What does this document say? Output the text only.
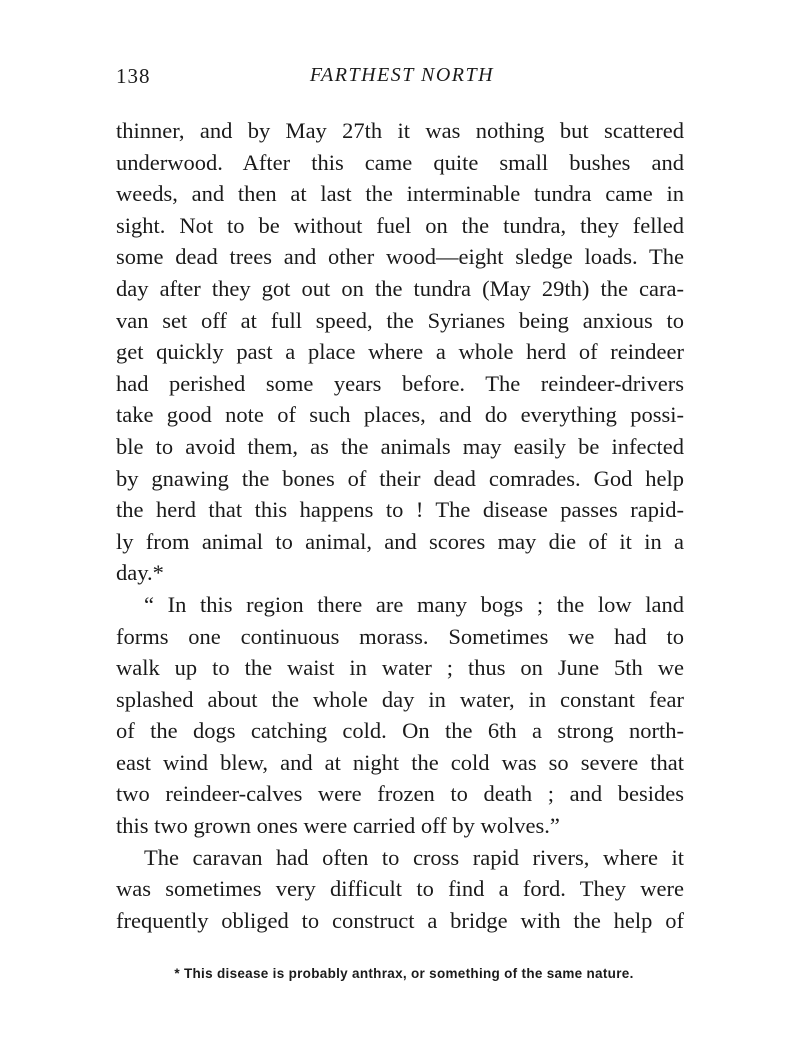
138	FARTHEST NORTH
thinner, and by May 27th it was nothing but scattered
underwood. After this came quite small bushes and
weeds, and then at last the interminable tundra came in
sight. Not to be without fuel on the tundra, they felled
some dead trees and other wood—eight sledge loads. The
day after they got out on the tundra (May 29th) the cara-
van set off at full speed, the Syrianes being anxious to
get quickly past a place where a whole herd of reindeer
had perished some years before. The reindeer-drivers
take good note of such places, and do everything possi-
ble to avoid them, as the animals may easily be infected
by gnawing the bones of their dead comrades. God help
the herd that this happens to ! The disease passes rapid-
ly from animal to animal, and scores may die of it in a
day.*
“ In this region there are many bogs ; the low land
forms one continuous morass. Sometimes we had to
walk up to the waist in water ; thus on June 5th we
splashed about the whole day in water, in constant fear
of the dogs catching cold. On the 6th a strong north-
east wind blew, and at night the cold was so severe that
two reindeer-calves were frozen to death ; and besides
this two grown ones were carried off by wolves.”
The caravan had often to cross rapid rivers, where it
was sometimes very difficult to find a ford. They were
frequently obliged to construct a bridge with the help of
* This disease is probably anthrax, or something of the same nature.
